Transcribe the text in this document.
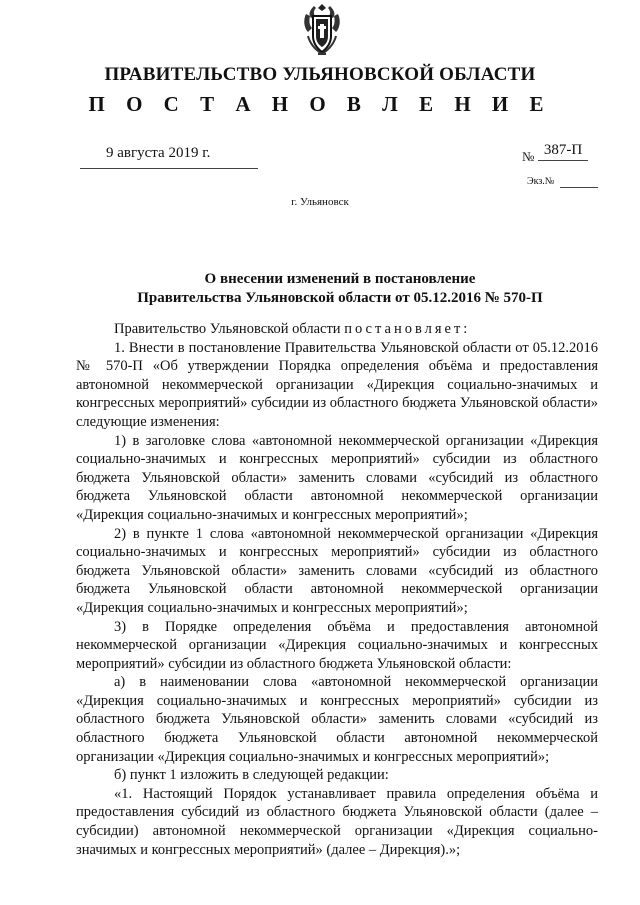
ПРАВИТЕЛЬСТВО УЛЬЯНОВСКОЙ ОБЛАСТИ
П О С Т А Н О В Л Е Н И Е
9 августа 2019 г.	№ 387-П
Экз.№
г. Ульяновск
О внесении изменений в постановление
Правительства Ульяновской области от 05.12.2016 № 570-П

Правительство Ульяновской области постановляет:

1. Внести в постановление Правительства Ульяновской области от 05.12.2016 № 570-П «Об утверждении Порядка определения объёма и предоставления автономной некоммерческой организации «Дирекция социально-значимых и конгрессных мероприятий» субсидии из областного бюджета Ульяновской области» следующие изменения:

1) в заголовке слова «автономной некоммерческой организации «Дирекция социально-значимых и конгрессных мероприятий» субсидии из областного бюджета Ульяновской области» заменить словами «субсидий из областного бюджета Ульяновской области автономной некоммерческой организации «Дирекция социально-значимых и конгрессных мероприятий»;

2) в пункте 1 слова «автономной некоммерческой организации «Дирекция социально-значимых и конгрессных мероприятий» субсидии из областного бюджета Ульяновской области» заменить словами «субсидий из областного бюджета Ульяновской области автономной некоммерческой организации «Дирекция социально-значимых и конгрессных мероприятий»;

3) в Порядке определения объёма и предоставления автономной некоммерческой организации «Дирекция социально-значимых и конгрессных мероприятий» субсидии из областного бюджета Ульяновской области:

а) в наименовании слова «автономной некоммерческой организации «Дирекция социально-значимых и конгрессных мероприятий» субсидии из областного бюджета Ульяновской области» заменить словами «субсидий из областного бюджета Ульяновской области автономной некоммерческой организации «Дирекция социально-значимых и конгрессных мероприятий»;

б) пункт 1 изложить в следующей редакции:

«1. Настоящий Порядок устанавливает правила определения объёма и предоставления субсидий из областного бюджета Ульяновской области (далее – субсидии) автономной некоммерческой организации «Дирекция социально-значимых и конгрессных мероприятий» (далее – Дирекция).»;
